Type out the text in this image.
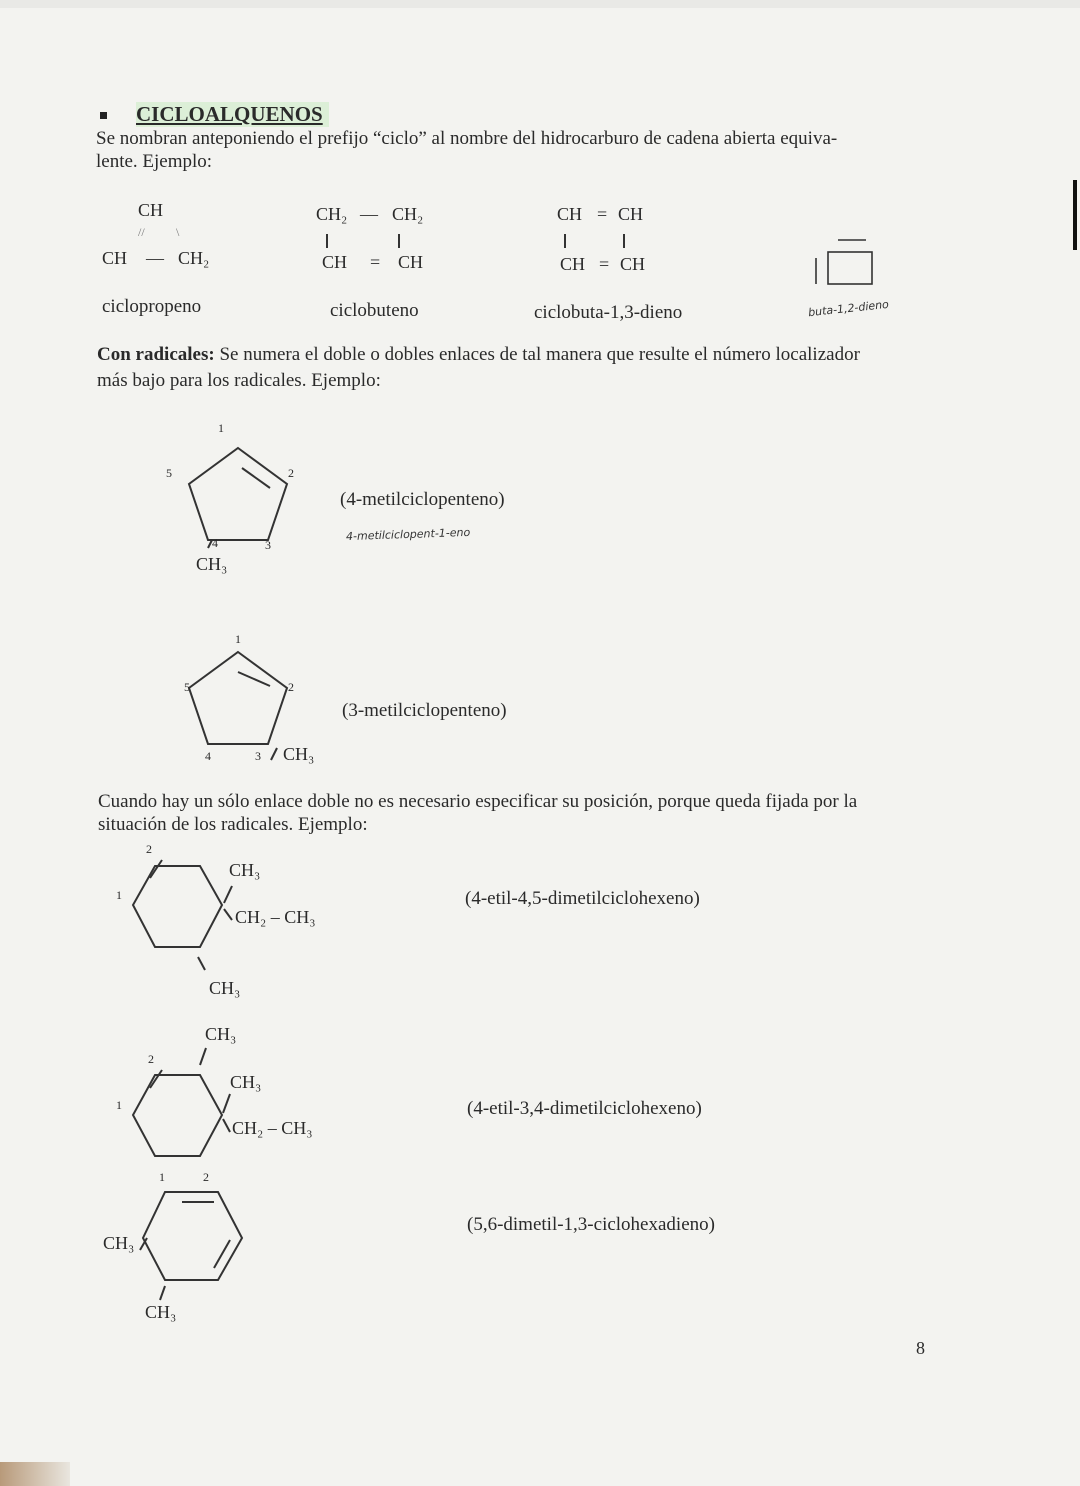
CICLOALQUENOS
Se nombran anteponiendo el prefijo “ciclo” al nombre del hidrocarburo de cadena abierta equiva-
lente. Ejemplo:
CH
//	\
CH — CH₂
ciclopropeno
CH₂ — CH₂
CH = CH
ciclobuteno
CH = CH
CH = CH
ciclobuta-1,3-dieno	buta-1,2-dieno
Con radicales: Se numera el doble o dobles enlaces de tal manera que resulte el número localizador
más bajo para los radicales. Ejemplo:
1
2
3
4
5
CH₃
(4-metilciclopenteno)
4-metilciclopent-1-eno
1
2
3
4
5
CH₃
(3-metilciclopenteno)
Cuando hay un sólo enlace doble no es necesario especificar su posición, porque queda fijada por la
situación de los radicales. Ejemplo:
2
1
CH₃
CH₂ – CH₃
CH₃
(4-etil-4,5-dimetilciclohexeno)
CH₃
2
1
CH₃
CH₂ – CH₃
(4-etil-3,4-dimetilciclohexeno)
1	2
CH₃
CH₃
(5,6-dimetil-1,3-ciclohexadieno)
8
